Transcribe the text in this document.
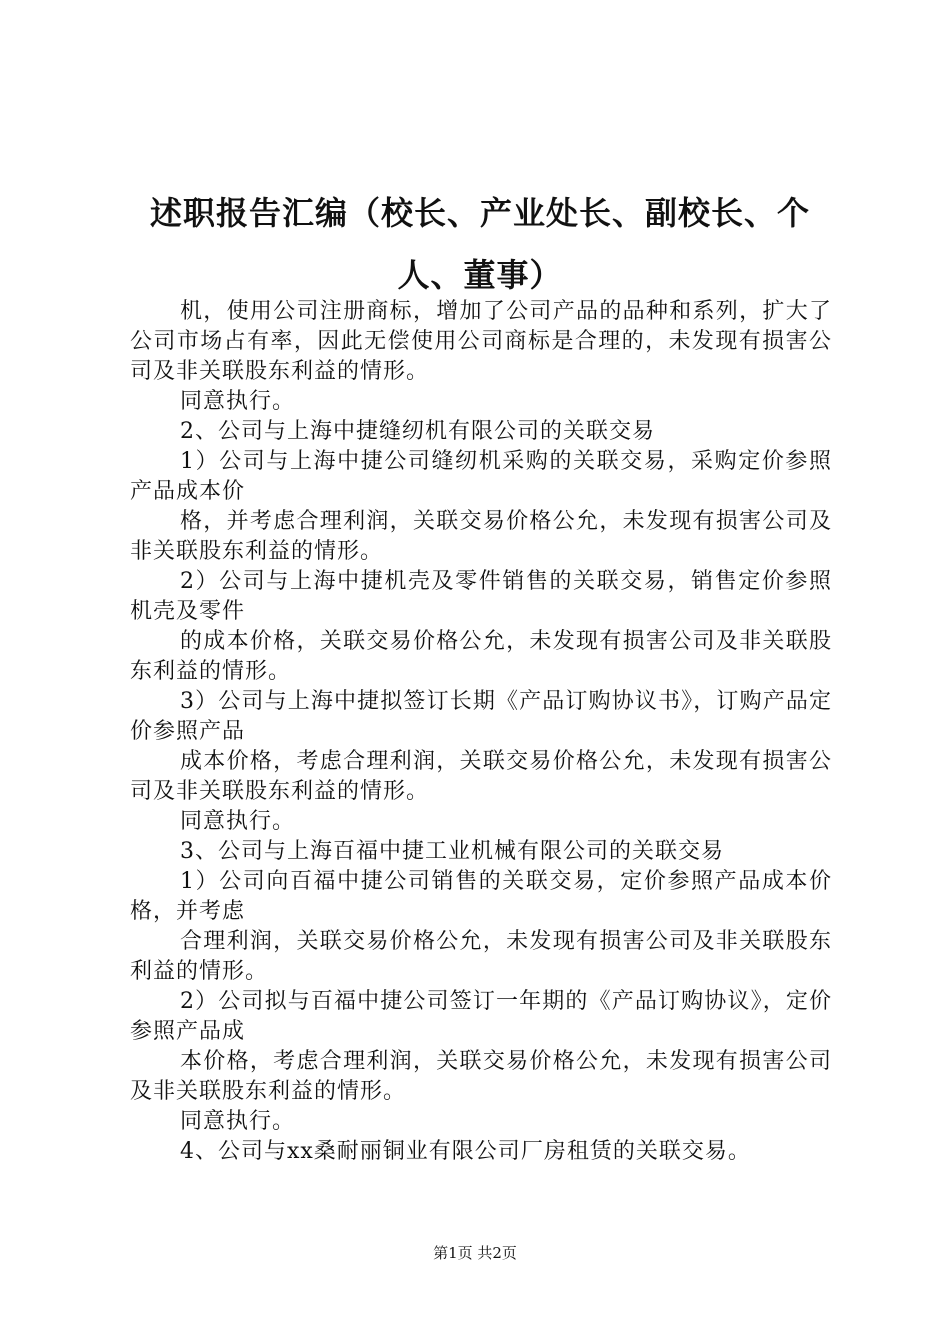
述职报告汇编（校长、产业处长、副校长、个人、董事）

机，使用公司注册商标，增加了公司产品的品种和系列，扩大了公司市场占有率，因此无偿使用公司商标是合理的，未发现有损害公司及非关联股东利益的情形。

同意执行。

2、公司与上海中捷缝纫机有限公司的关联交易

1）公司与上海中捷公司缝纫机采购的关联交易，采购定价参照产品成本价

格，并考虑合理利润，关联交易价格公允，未发现有损害公司及非关联股东利益的情形。

2）公司与上海中捷机壳及零件销售的关联交易，销售定价参照机壳及零件

的成本价格，关联交易价格公允，未发现有损害公司及非关联股东利益的情形。

3）公司与上海中捷拟签订长期《产品订购协议书》，订购产品定价参照产品

成本价格，考虑合理利润，关联交易价格公允，未发现有损害公司及非关联股东利益的情形。

同意执行。

3、公司与上海百福中捷工业机械有限公司的关联交易

1）公司向百福中捷公司销售的关联交易，定价参照产品成本价格，并考虑

合理利润，关联交易价格公允，未发现有损害公司及非关联股东利益的情形。

2）公司拟与百福中捷公司签订一年期的《产品订购协议》，定价参照产品成

本价格，考虑合理利润，关联交易价格公允，未发现有损害公司及非关联股东利益的情形。

同意执行。

4、公司与xx桑耐丽铜业有限公司厂房租赁的关联交易。

第1页 共2页
